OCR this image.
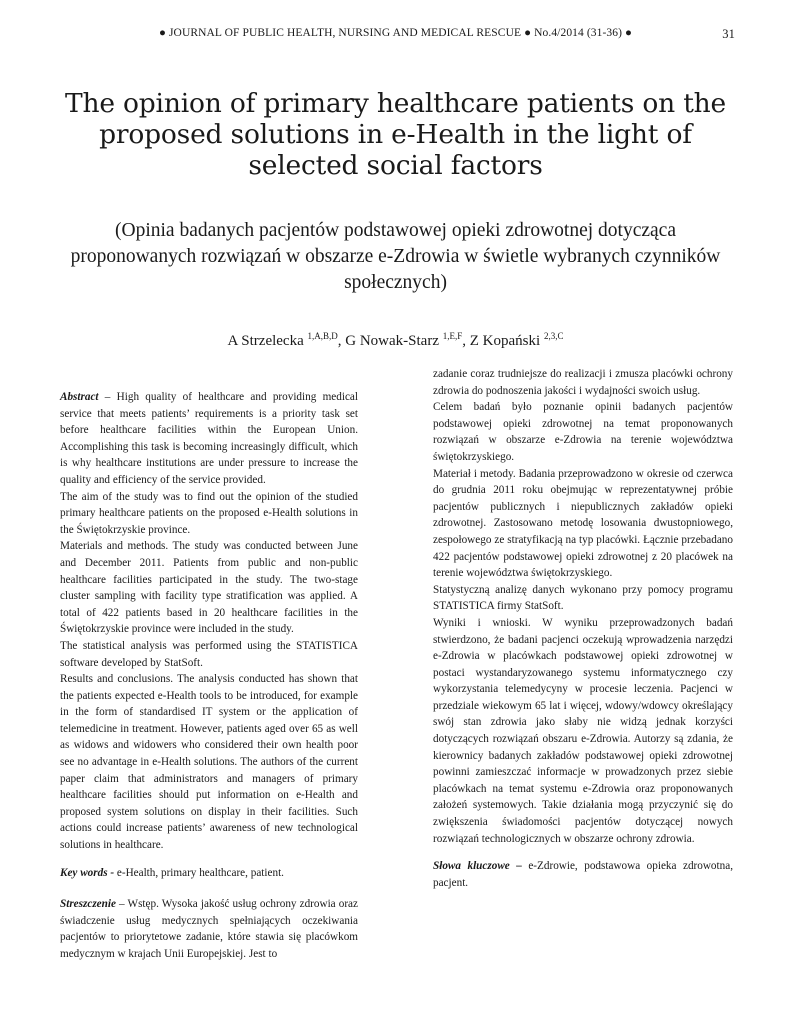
● JOURNAL OF PUBLIC HEALTH, NURSING AND MEDICAL RESCUE ● No.4/2014 (31-36) ●	31
The opinion of primary healthcare patients on the proposed solutions in e-Health in the light of selected social factors

(Opinia badanych pacjentów podstawowej opieki zdrowotnej dotycząca proponowanych rozwiązań w obszarze e-Zdrowia w świetle wybranych czynników społecznych)

A Strzelecka $^{1,A,B,D}$, G Nowak-Starz $^{1,E,F}$, Z Kopański $^{2,3,C}$

Abstract – High quality of healthcare and providing medical service that meets patients’ requirements is a priority task set before healthcare facilities within the European Union. Accomplishing this task is becoming increasingly difficult, which is why healthcare institutions are under pressure to increase the quality and efficiency of the service provided.

The aim of the study was to find out the opinion of the studied primary healthcare patients on the proposed e-Health solutions in the Świętokrzyskie province.

Materials and methods. The study was conducted between June and December 2011. Patients from public and non-public healthcare facilities participated in the study. The two-stage cluster sampling with facility type stratification was applied. A total of 422 patients based in 20 healthcare facilities in the Świętokrzyskie province were included in the study.

The statistical analysis was performed using the STATISTICA software developed by StatSoft.

Results and conclusions. The analysis conducted has shown that the patients expected e-Health tools to be introduced, for example in the form of standardised IT system or the application of telemedicine in treatment. However, patients aged over 65 as well as widows and widowers who considered their own health poor see no advantage in e-Health solutions. The authors of the current paper claim that administrators and managers of primary healthcare facilities should put information on e-Health and proposed system solutions on display in their facilities. Such actions could increase patients’ awareness of new technological solutions in healthcare.

Key words - e-Health, primary healthcare, patient.

Streszczenie – Wstęp. Wysoka jakość usług ochrony zdrowia oraz świadczenie usług medycznych spełniających oczekiwania pacjentów to priorytetowe zadanie, które stawia się placówkom medycznym w krajach Unii Europejskiej. Jest to

zadanie coraz trudniejsze do realizacji i zmusza placówki ochrony zdrowia do podnoszenia jakości i wydajności swoich usług.

Celem badań było poznanie opinii badanych pacjentów podstawowej opieki zdrowotnej na temat proponowanych rozwiązań w obszarze e-Zdrowia na terenie województwa świętokrzyskiego.

Materiał i metody. Badania przeprowadzono w okresie od czerwca do grudnia 2011 roku obejmując w reprezentatywnej próbie pacjentów publicznych i niepublicznych zakładów opieki zdrowotnej. Zastosowano metodę losowania dwustopniowego, zespołowego ze stratyfikacją na typ placówki. Łącznie przebadano 422 pacjentów podstawowej opieki zdrowotnej z 20 placówek na terenie województwa świętokrzyskiego.

Statystyczną analizę danych wykonano przy pomocy programu STATISTICA firmy StatSoft.

Wyniki i wnioski. W wyniku przeprowadzonych badań stwierdzono, że badani pacjenci oczekują wprowadzenia narzędzi e-Zdrowia w placówkach podstawowej opieki zdrowotnej w postaci wystandaryzowanego systemu informatycznego czy wykorzystania telemedycyny w procesie leczenia. Pacjenci w przedziale wiekowym 65 lat i więcej, wdowy/wdowcy określający swój stan zdrowia jako słaby nie widzą jednak korzyści dotyczących rozwiązań obszaru e-Zdrowia. Autorzy są zdania, że kierownicy badanych zakładów podstawowej opieki zdrowotnej powinni zamieszczać informacje w prowadzonych przez siebie placówkach na temat systemu e-Zdrowia oraz proponowanych założeń systemowych. Takie działania mogą przyczynić się do zwiększenia świadomości pacjentów dotyczącej nowych rozwiązań technologicznych w obszarze ochrony zdrowia.

Słowa kluczowe – e-Zdrowie, podstawowa opieka zdrowotna, pacjent.
